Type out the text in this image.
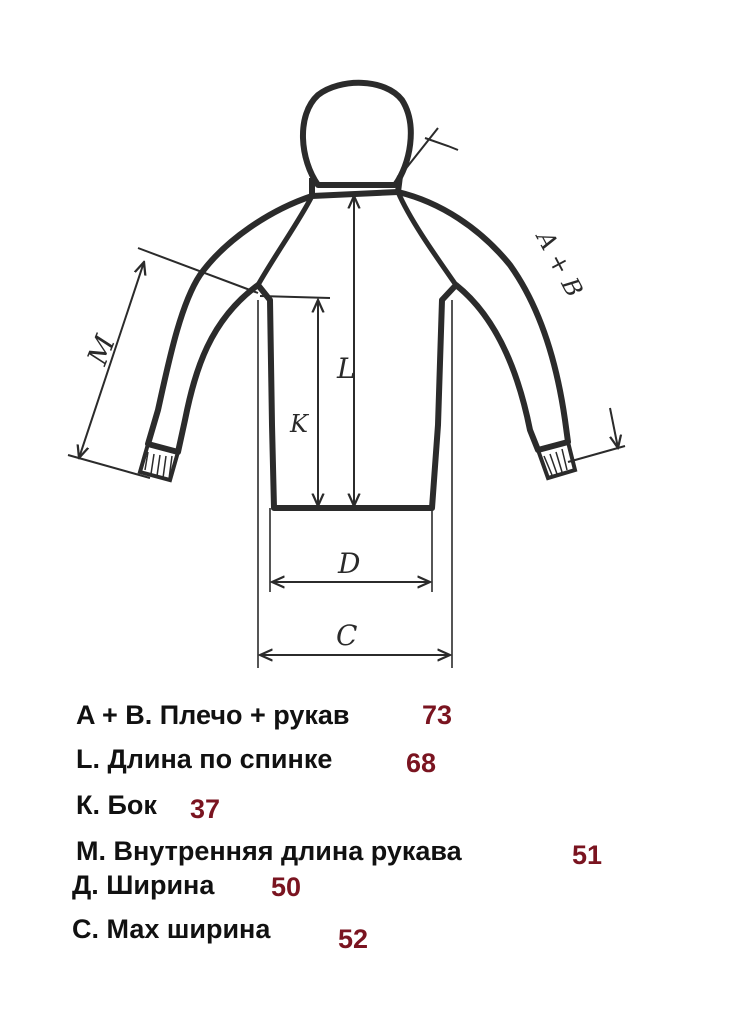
L
K
M
A + B
D
C
A + B. Плечо + рукав	73
L. Длина по спинке	68
К. Бок 37
М. Внутренняя длина рукава	51
Д. Ширина 50
С. Мах ширина	52
